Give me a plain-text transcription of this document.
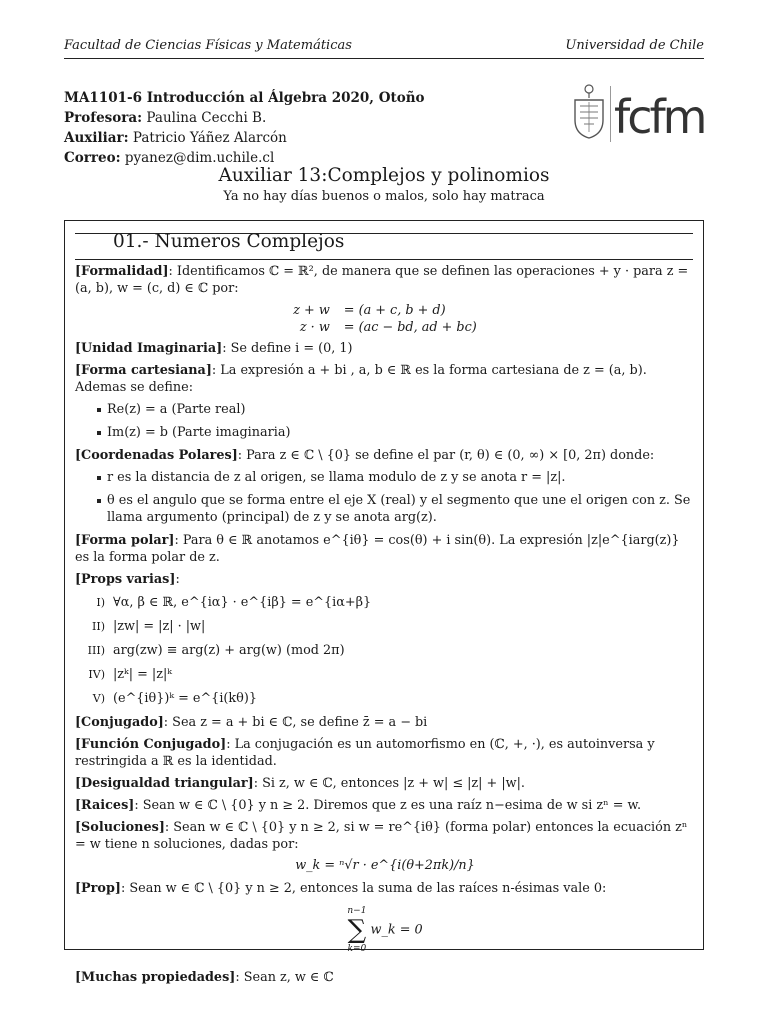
Facultad de Ciencias Físicas y Matemáticas	Universidad de Chile
MA1101-6 Introducción al Álgebra 2020, Otoño
Profesora: Paulina Cecchi B.
Auxiliar: Patricio Yáñez Alarcón
Correo: pyanez@dim.uchile.cl
fcfm
Auxiliar 13:Complejos y polinomios
Ya no hay días buenos o malos, solo hay matraca
01.- Numeros Complejos

[Formalidad]: Identificamos ℂ = ℝ², de manera que se definen las operaciones + y · para z = (a, b), w = (c, d) ∈ ℂ por:

z + w = (a + c, b + d)
z · w = (ac − bd, ad + bc)

[Unidad Imaginaria]: Se define i = (0, 1)

[Forma cartesiana]: La expresión a + bi , a, b ∈ ℝ es la forma cartesiana de z = (a, b).

Ademas se define:

Re(z) = a (Parte real)
Im(z) = b (Parte imaginaria)

[Coordenadas Polares]: Para z ∈ ℂ \ {0} se define el par (r, θ) ∈ (0, ∞) × [0, 2π) donde:

r es la distancia de z al origen, se llama modulo de z y se anota r = |z|.
θ es el angulo que se forma entre el eje X (real) y el segmento que une el origen con z. Se llama argumento (principal) de z y se anota arg(z).

[Forma polar]: Para θ ∈ ℝ anotamos e^{iθ} = cos(θ) + i sin(θ). La expresión |z|e^{iarg(z)} es la forma polar de z.

[Props varias]:

I) ∀α, β ∈ ℝ, e^{iα} · e^{iβ} = e^{iα+β}
II) |zw| = |z| · |w|
III) arg(zw) ≡ arg(z) + arg(w) (mod 2π)
IV) |zᵏ| = |z|ᵏ
V) (e^{iθ})ᵏ = e^{i(kθ)}

[Conjugado]: Sea z = a + bi ∈ ℂ, se define z̄ = a − bi

[Función Conjugado]: La conjugación es un automorfismo en (ℂ, +, ·), es autoinversa y restringida a ℝ es la identidad.

[Desigualdad triangular]: Si z, w ∈ ℂ, entonces |z + w| ≤ |z| + |w|.

[Raices]: Sean w ∈ ℂ \ {0} y n ≥ 2. Diremos que z es una raíz n−esima de w si zⁿ = w.

[Soluciones]: Sean w ∈ ℂ \ {0} y n ≥ 2, si w = re^{iθ} (forma polar) entonces la ecuación zⁿ = w tiene n soluciones, dadas por:

w_k = ⁿ√r · e^{i(θ+2πk)/n}

[Prop]: Sean w ∈ ℂ \ {0} y n ≥ 2, entonces la suma de las raíces n-ésimas vale 0:

n−1
∑
k=0
w_k = 0

[Muchas propiedades]: Sean z, w ∈ ℂ
